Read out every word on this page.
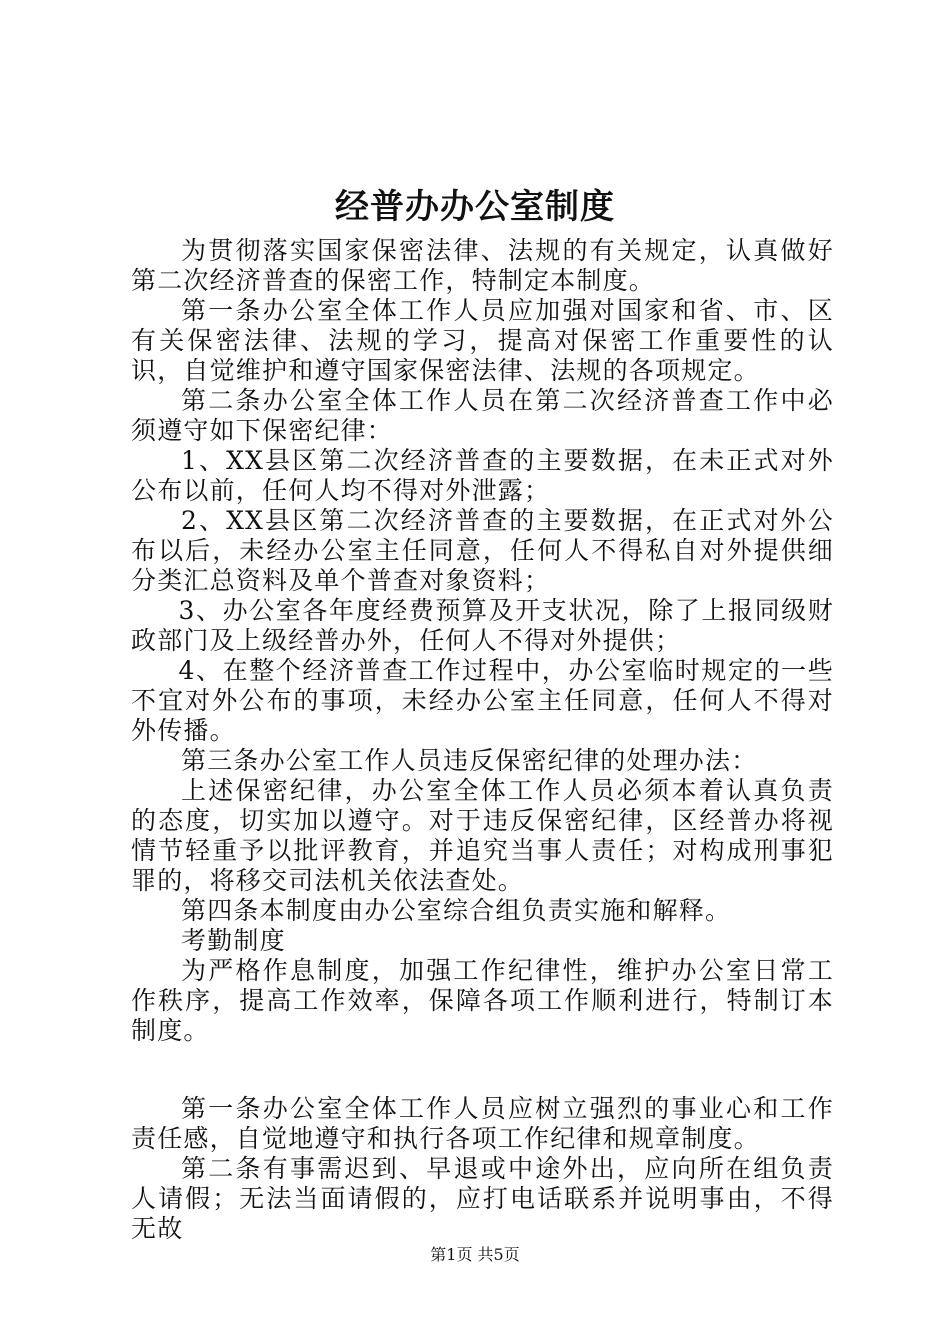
经普办办公室制度

为贯彻落实国家保密法律、法规的有关规定，认真做好第二次经济普查的保密工作，特制定本制度。

第一条办公室全体工作人员应加强对国家和省、市、区有关保密法律、法规的学习，提高对保密工作重要性的认识，自觉维护和遵守国家保密法律、法规的各项规定。

第二条办公室全体工作人员在第二次经济普查工作中必须遵守如下保密纪律：

1、XX县区第二次经济普查的主要数据，在未正式对外公布以前，任何人均不得对外泄露；

2、XX县区第二次经济普查的主要数据，在正式对外公布以后，未经办公室主任同意，任何人不得私自对外提供细分类汇总资料及单个普查对象资料；

3、办公室各年度经费预算及开支状况，除了上报同级财政部门及上级经普办外，任何人不得对外提供；

4、在整个经济普查工作过程中，办公室临时规定的一些不宜对外公布的事项，未经办公室主任同意，任何人不得对外传播。

第三条办公室工作人员违反保密纪律的处理办法：

上述保密纪律，办公室全体工作人员必须本着认真负责的态度，切实加以遵守。对于违反保密纪律，区经普办将视情节轻重予以批评教育，并追究当事人责任；对构成刑事犯罪的，将移交司法机关依法查处。

第四条本制度由办公室综合组负责实施和解释。

考勤制度

为严格作息制度，加强工作纪律性，维护办公室日常工作秩序，提高工作效率，保障各项工作顺利进行，特制订本制度。

第一条办公室全体工作人员应树立强烈的事业心和工作责任感，自觉地遵守和执行各项工作纪律和规章制度。

第二条有事需迟到、早退或中途外出，应向所在组负责人请假；无法当面请假的，应打电话联系并说明事由，不得无故

第1页 共5页
